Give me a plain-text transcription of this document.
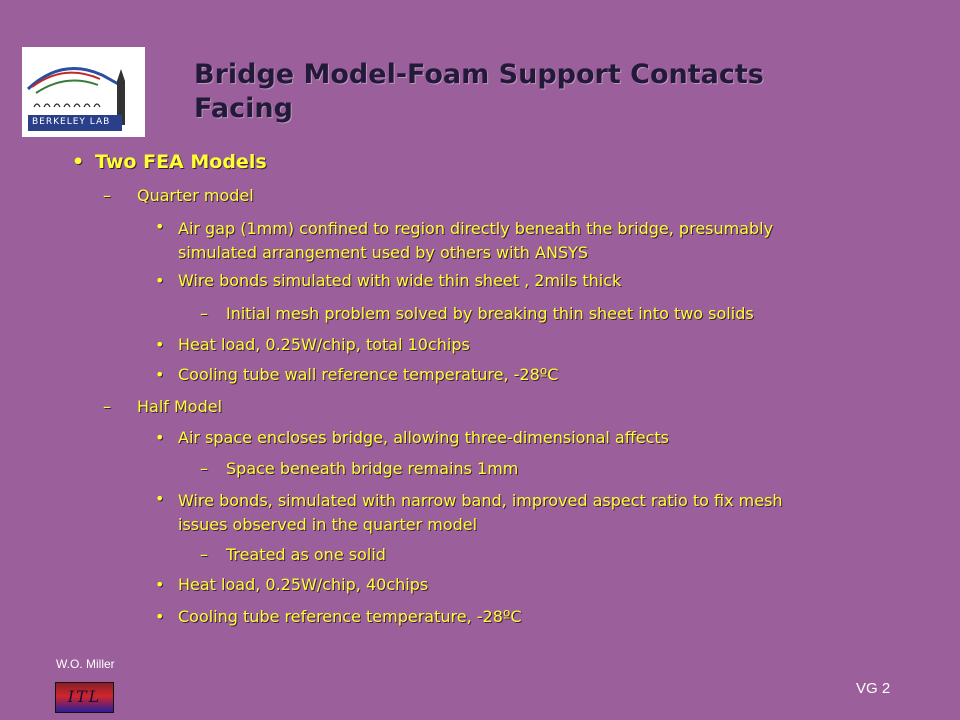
BERKELEY LAB
Bridge Model-Foam Support Contacts
Facing
• Two FEA Models
– Quarter model
• Air gap (1mm) confined to region directly beneath the bridge, presumably
simulated arrangement used by others with ANSYS
• Wire bonds simulated with wide thin sheet , 2mils thick
– Initial mesh problem solved by breaking thin sheet into two solids
• Heat load, 0.25W/chip, total 10chips
• Cooling tube wall reference temperature, -28ºC
– Half Model
• Air space encloses bridge, allowing three-dimensional affects
– Space beneath bridge remains 1mm
• Wire bonds, simulated with narrow band, improved aspect ratio to fix mesh
issues observed in the quarter model
– Treated as one solid
• Heat load, 0.25W/chip, 40chips
• Cooling tube reference temperature, -28ºC
W.O. Miller
ITL	VG 2
